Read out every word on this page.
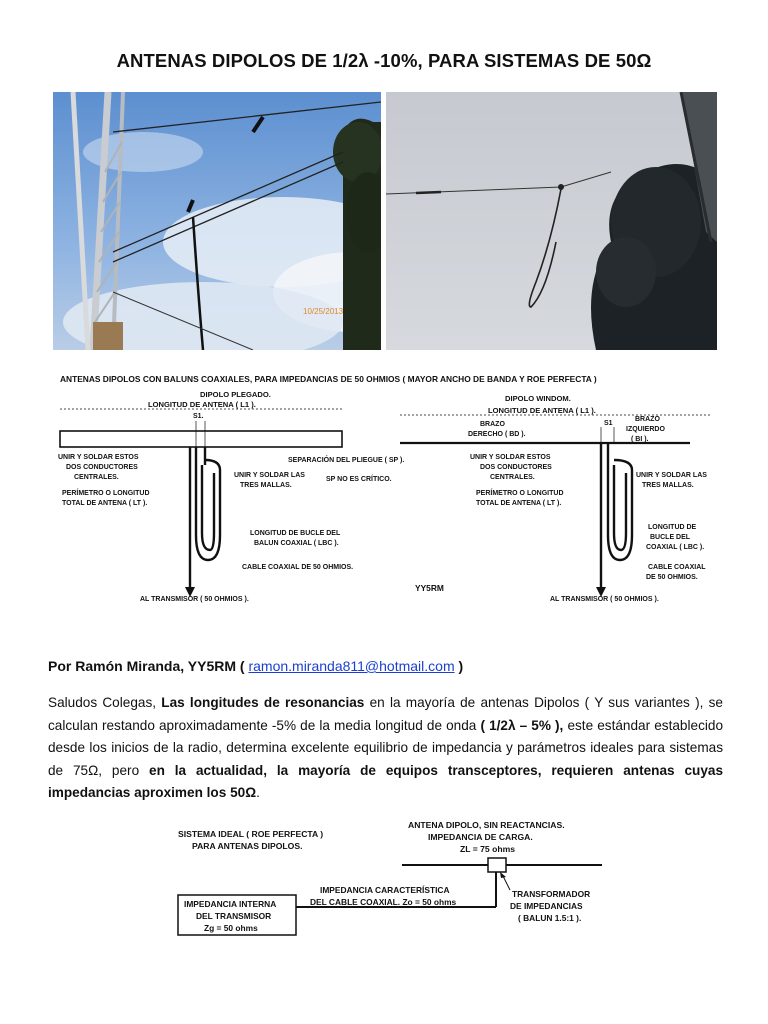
ANTENAS DIPOLOS DE 1/2λ -10%, PARA SISTEMAS DE 50Ω
10/25/2013
ANTENAS DIPOLOS CON BALUNS COAXIALES, PARA IMPEDANCIAS DE 50 OHMIOS ( MAYOR ANCHO DE BANDA Y ROE PERFECTA )
DIPOLO PLEGADO.
LONGITUD DE ANTENA ( L1 ).
S1.
UNIR Y SOLDAR ESTOS
DOS CONDUCTORES
CENTRALES.
PERÍMETRO O LONGITUD
TOTAL DE ANTENA ( LT ).
UNIR Y SOLDAR LAS
TRES MALLAS.
SEPARACIÓN DEL PLIEGUE ( SP ).
SP NO ES CRÍTICO.
LONGITUD DE BUCLE DEL
BALUN COAXIAL ( LBC ).
CABLE COAXIAL DE 50 OHMIOS.
AL TRANSMISOR ( 50 OHMIOS ).
YY5RM
DIPOLO WINDOM.
LONGITUD DE ANTENA ( L1 ).
BRAZO
DERECHO ( BD ).
BRAZO
IZQUIERDO
( BI ).
S1
UNIR Y SOLDAR ESTOS
DOS CONDUCTORES
CENTRALES.
PERÍMETRO O LONGITUD
TOTAL DE ANTENA ( LT ).
UNIR Y SOLDAR LAS
TRES MALLAS.
LONGITUD DE
BUCLE DEL
COAXIAL ( LBC ).
CABLE COAXIAL
DE 50 OHMIOS.
AL TRANSMISOR ( 50 OHMIOS ).
Por Ramón Miranda, YY5RM ( ramon.miranda811@hotmail.com )
Saludos Colegas, Las longitudes de resonancias en la mayoría de antenas Dipolos ( Y sus variantes ), se calculan restando aproximadamente -5% de la media longitud de onda ( 1/2λ – 5% ), este estándar establecido desde los inicios de la radio, determina excelente equilibrio de impedancia y parámetros ideales para sistemas de 75Ω, pero en la actualidad, la mayoría de equipos transceptores, requieren antenas cuyas impedancias aproximen los 50Ω.
SISTEMA IDEAL ( ROE PERFECTA )
PARA ANTENAS DIPOLOS.
ANTENA DIPOLO, SIN REACTANCIAS.
IMPEDANCIA DE CARGA.
ZL = 75 ohms
IMPEDANCIA INTERNA
DEL TRANSMISOR
Zg = 50 ohms
IMPEDANCIA CARACTERÍSTICA
DEL CABLE COAXIAL. Zo = 50 ohms
TRANSFORMADOR
DE IMPEDANCIAS
( BALUN 1.5:1 ).
